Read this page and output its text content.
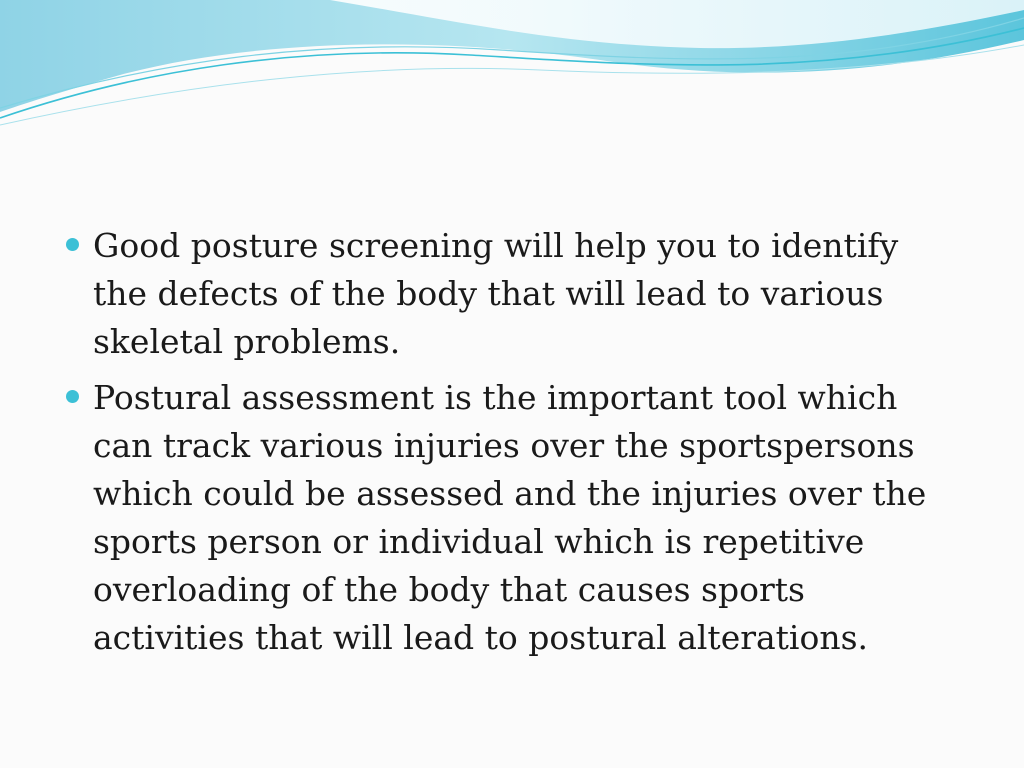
Good posture screening will help you to identify the defects of the body that will lead to various skeletal problems.
Postural assessment is the important tool which can track various injuries over the sportspersons which could be assessed and the injuries over the sports person or individual which is repetitive overloading of the body that causes sports activities that will lead to postural alterations.
